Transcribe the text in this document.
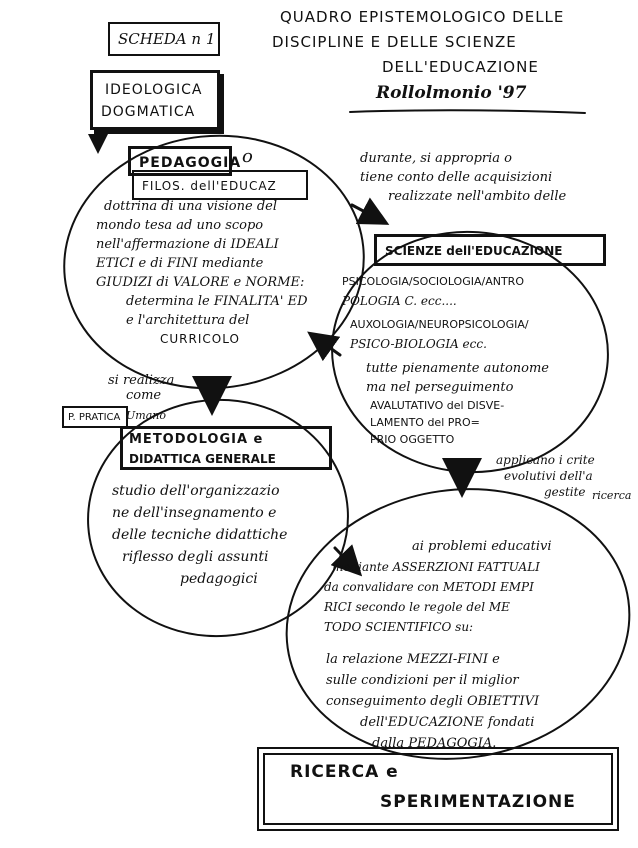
SCHEDA n 1
QUADRO EPISTEMOLOGICO DELLE
DISCIPLINE E DELLE SCIENZE
DELL'EDUCAZIONE
Rollolmonio '97
IDEOLOGICA
DOGMATICA
PEDAGOGIA o
FILOS. dell'EDUCAZ
dottrina di una visione del
mondo tesa ad uno scopo
nell'affermazione di IDEALI
ETICI e di FINI mediante
GIUDIZI di VALORE e NORME:
determina le FINALITA' ED
e l'architettura del
CURRICOLO
durante, si appropria o
tiene conto delle acquisizioni
realizzate nell'ambito delle
SCIENZE dell'EDUCAZIONE
PSICOLOGIA/SOCIOLOGIA/ANTRO
POLOGIA C. ecc....
AUXOLOGIA/NEUROPSICOLOGIA/
PSICO-BIOLOGIA ecc.
tutte pienamente autonome
ma nel perseguimento
AVALUTATIVO del DISVE-
LAMENTO del PRO=
PRIO OGGETTO
si realizza
come
P. PRATICA Umano
METODOLOGIA e
DIDATTICA GENERALE
studio dell'organizzazio
ne dell'insegnamento e
delle tecniche didattiche
riflesso degli assunti
pedagogici
applicano i crite
evolutivi dell'a
gestite ricerca
ai problemi educativi
mediante ASSERZIONI FATTUALI
da convalidare con METODI EMPI
RICI secondo le regole del ME
TODO SCIENTIFICO su:
la relazione MEZZI-FINI e
sulle condizioni per il miglior
conseguimento degli OBIETTIVI
dell'EDUCAZIONE fondati
dalla PEDAGOGIA.
RICERCA e
SPERIMENTAZIONE
